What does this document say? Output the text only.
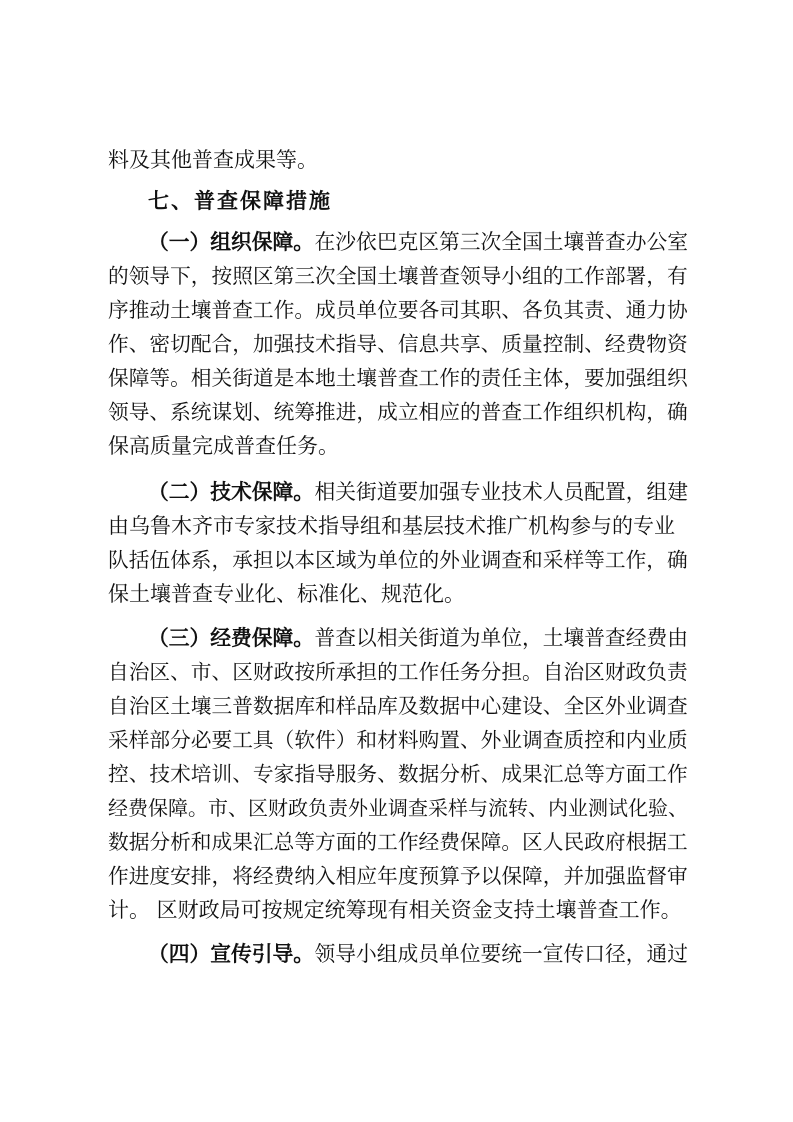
料及其他普查成果等。
七、普查保障措施
（一）组织保障。 在沙依巴克区第三次全国土壤普查办公室
的领导下，按照区第三次全国土壤普查领导小组的工作部署，有
序推动土壤普查工作。成员单位要各司其职、各负其责、通力协
作、密切配合，加强技术指导、信息共享、质量控制、经费物资
保障等。相关街道是本地土壤普查工作的责任主体，要加强组织
领导、系统谋划、统筹推进，成立相应的普查工作组织机构，确
保高质量完成普查任务。
（二）技术保障。 相关街道要加强专业技术人员配置，组建
由乌鲁木齐市专家技术指导组和基层技术推广机构参与的专业
队括伍体系，承担以本区域为单位的外业调查和采样等工作，确
保土壤普查专业化、标准化、规范化。
（三）经费保障。 普查以相关街道为单位，土壤普查经费由
自治区、市、区财政按所承担的工作任务分担。自治区财政负责
自治区土壤三普数据库和样品库及数据中心建设、全区外业调查
采样部分必要工具（软件）和材料购置、外业调查质控和内业质
控、技术培训、专家指导服务、数据分析、成果汇总等方面工作
经费保障。市、区财政负责外业调查采样与流转、内业测试化验、
数据分析和成果汇总等方面的工作经费保障。区人民政府根据工
作进度安排，将经费纳入相应年度预算予以保障，并加强监督审
计。 区财政局可按规定统筹现有相关资金支持土壤普查工作。
（四）宣传引导。 领导小组成员单位要统一宣传口径，通过
